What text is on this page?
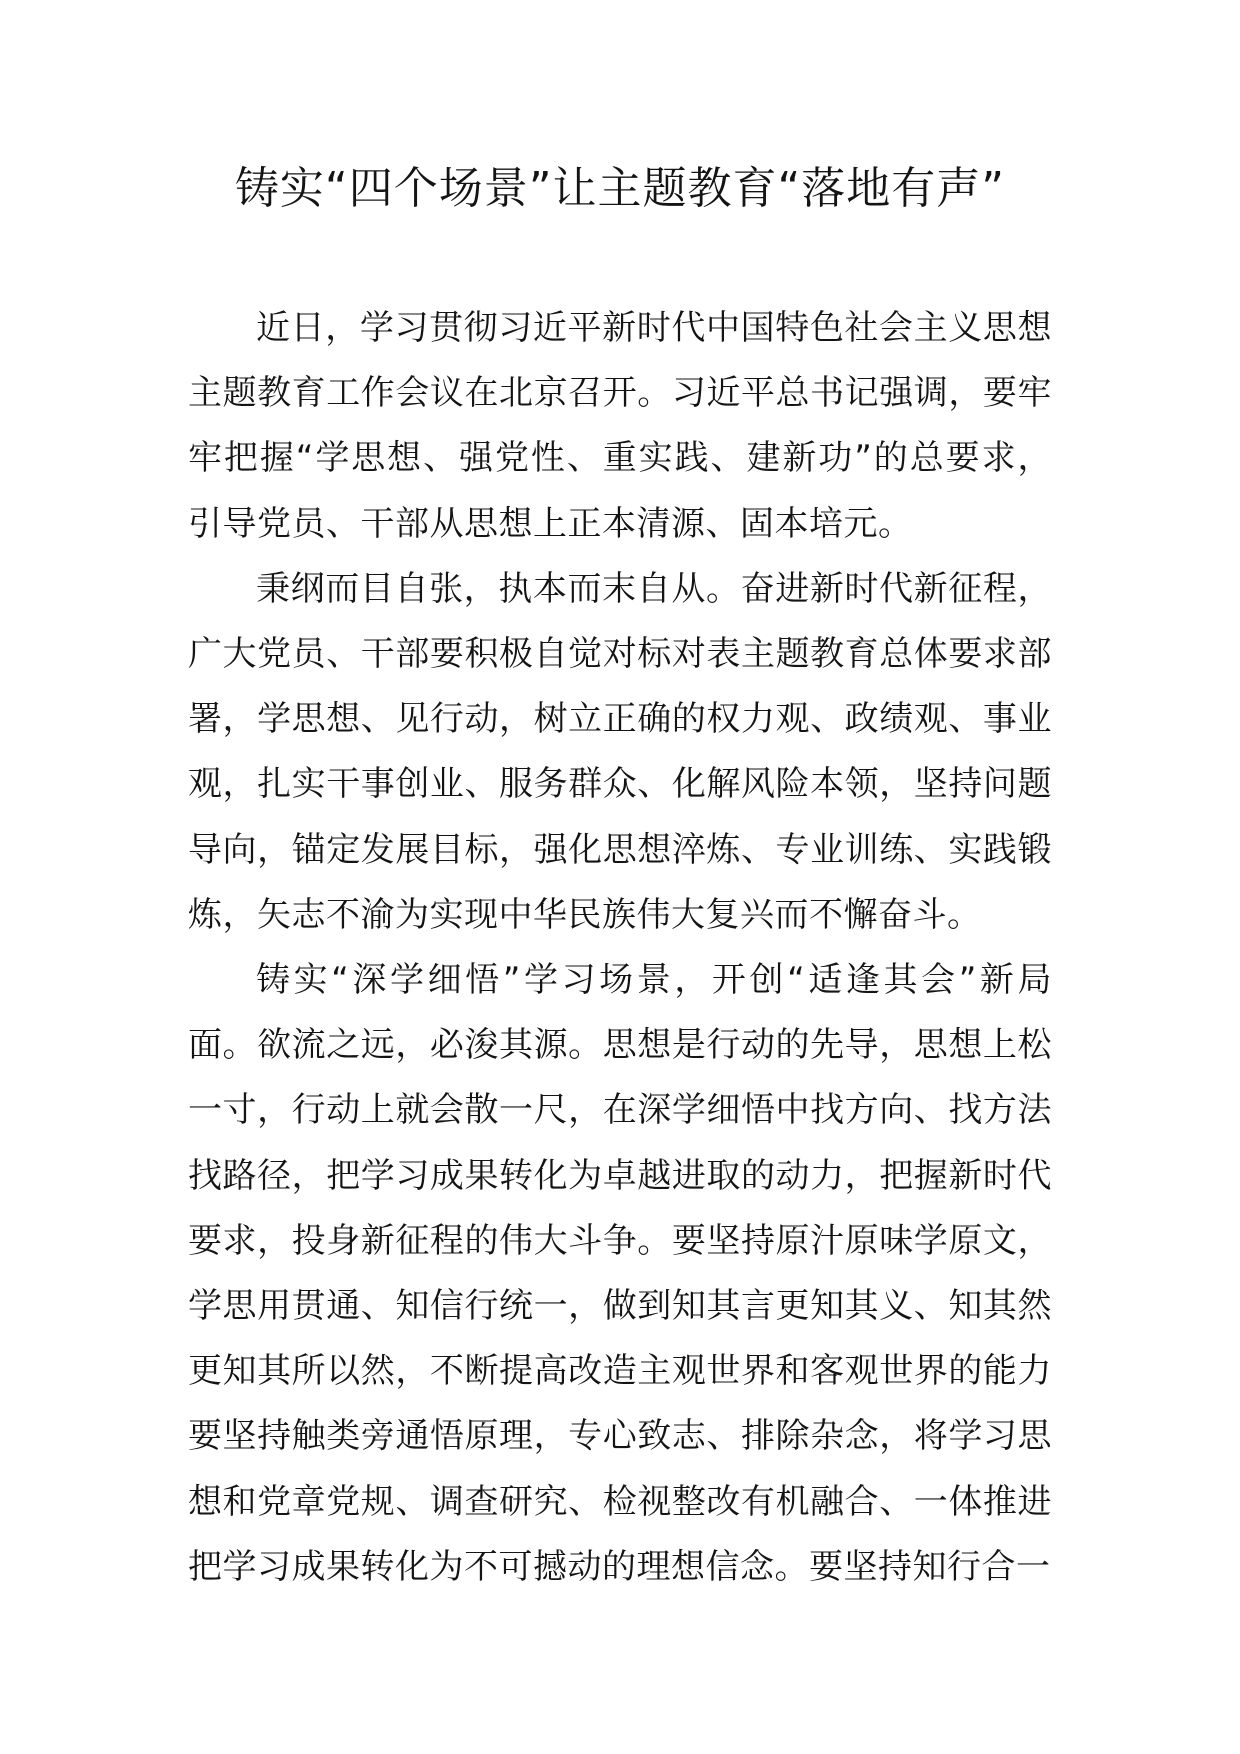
铸实“四个场景”让主题教育“落地有声”

近日，学习贯彻习近平新时代中国特色社会主义思想主题教育工作会议在北京召开。习近平总书记强调，要牢牢把握“学思想、强党性、重实践、建新功”的总要求，引导党员、干部从思想上正本清源、固本培元。

秉纲而目自张，执本而末自从。奋进新时代新征程，广大党员、干部要积极自觉对标对表主题教育总体要求部署，学思想、见行动，树立正确的权力观、政绩观、事业观，扎实干事创业、服务群众、化解风险本领，坚持问题导向，锚定发展目标，强化思想淬炼、专业训练、实践锻炼，矢志不渝为实现中华民族伟大复兴而不懈奋斗。

铸实“深学细悟”学习场景，开创“适逢其会”新局面。欲流之远，必浚其源。思想是行动的先导，思想上松一寸，行动上就会散一尺，在深学细悟中找方向、找方法找路径，把学习成果转化为卓越进取的动力，把握新时代要求，投身新征程的伟大斗争。要坚持原汁原味学原文，学思用贯通、知信行统一，做到知其言更知其义、知其然更知其所以然，不断提高改造主观世界和客观世界的能力要坚持触类旁通悟原理，专心致志、排除杂念，将学习思想和党章党规、调查研究、检视整改有机融合、一体推进把学习成果转化为不可撼动的理想信念。要坚持知行合一
